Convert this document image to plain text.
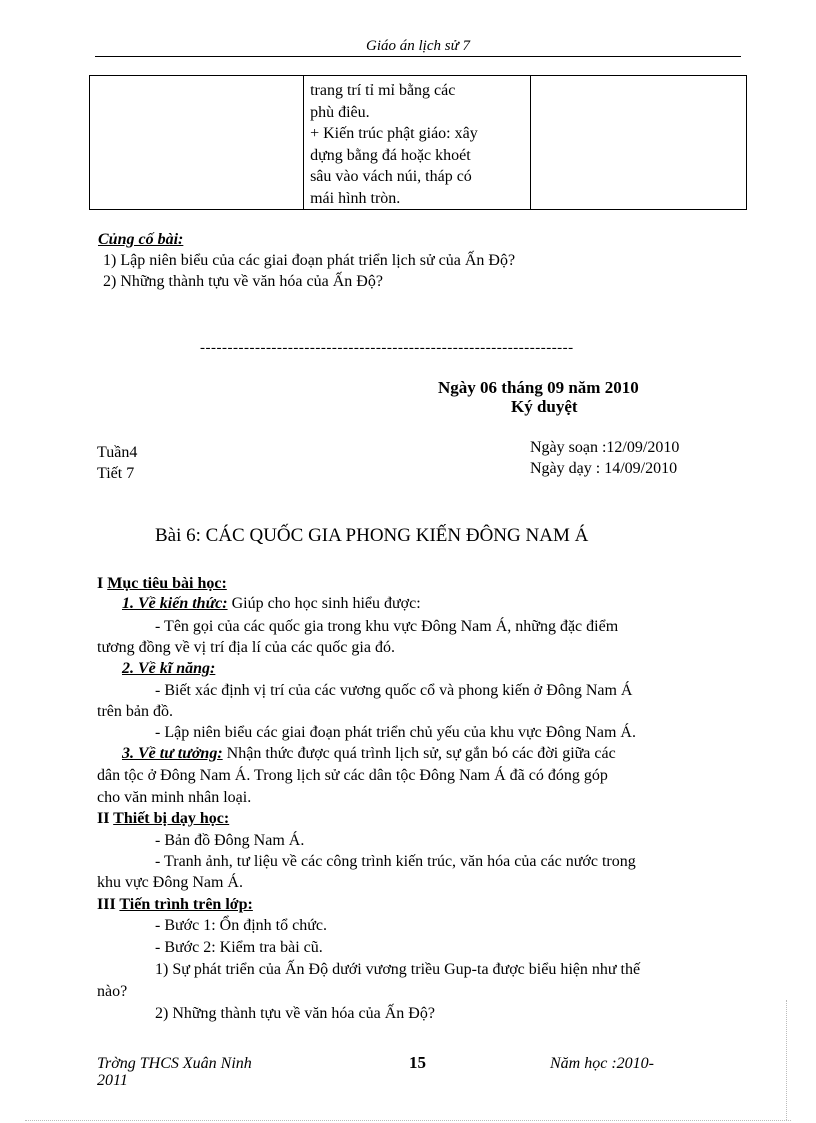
Giáo án lịch sử 7

trang trí tỉ mỉ bằng các
phù điêu.
+ Kiến trúc phật giáo: xây
dựng bằng đá hoặc khoét
sâu vào vách núi, tháp có
mái hình tròn.

Củng cố bài:
1) Lập niên biểu của các giai đoạn phát triển lịch sử của Ấn Độ?
2) Những thành tựu về văn hóa của Ấn Độ?
--------------------------------------------------------------------
Ngày 06 tháng 09 năm 2010
Ký duyệt
Tuần4
Tiết 7
Ngày soạn :12/09/2010
Ngày dạy : 14/09/2010
Bài 6: CÁC QUỐC GIA PHONG KIẾN ĐÔNG NAM Á
I Mục tiêu bài học:
1. Về kiến thức: Giúp cho học sinh hiểu được:
- Tên gọi của các quốc gia trong khu vực Đông Nam Á, những đặc điểm
tương đồng về vị trí địa lí của các quốc gia đó.
2. Về kĩ năng:
- Biết xác định vị trí của các vương quốc cổ và phong kiến ở Đông Nam Á
trên bản đồ.
- Lập niên biểu các giai đoạn phát triển chủ yếu của khu vực Đông Nam Á.
3. Về tư tưởng: Nhận thức được quá trình lịch sử, sự gắn bó các đời giữa các
dân tộc ở Đông Nam Á. Trong lịch sử các dân tộc Đông Nam Á đã có đóng góp
cho văn minh nhân loại.
II Thiết bị dạy học:
- Bản đồ Đông Nam Á.
- Tranh ảnh, tư liệu về các công trình kiến trúc, văn hóa của các nước trong
khu vực Đông Nam Á.
III Tiến trình trên lớp:
- Bước 1: Ổn định tổ chức.
- Bước 2: Kiểm tra bài cũ.
1) Sự phát triển của Ấn Độ dưới vương triều Gup-ta được biểu hiện như thế
nào?
2) Những thành tựu về văn hóa của Ấn Độ?
Trờng THCS Xuân Ninh
2011
15	Năm học :2010-
